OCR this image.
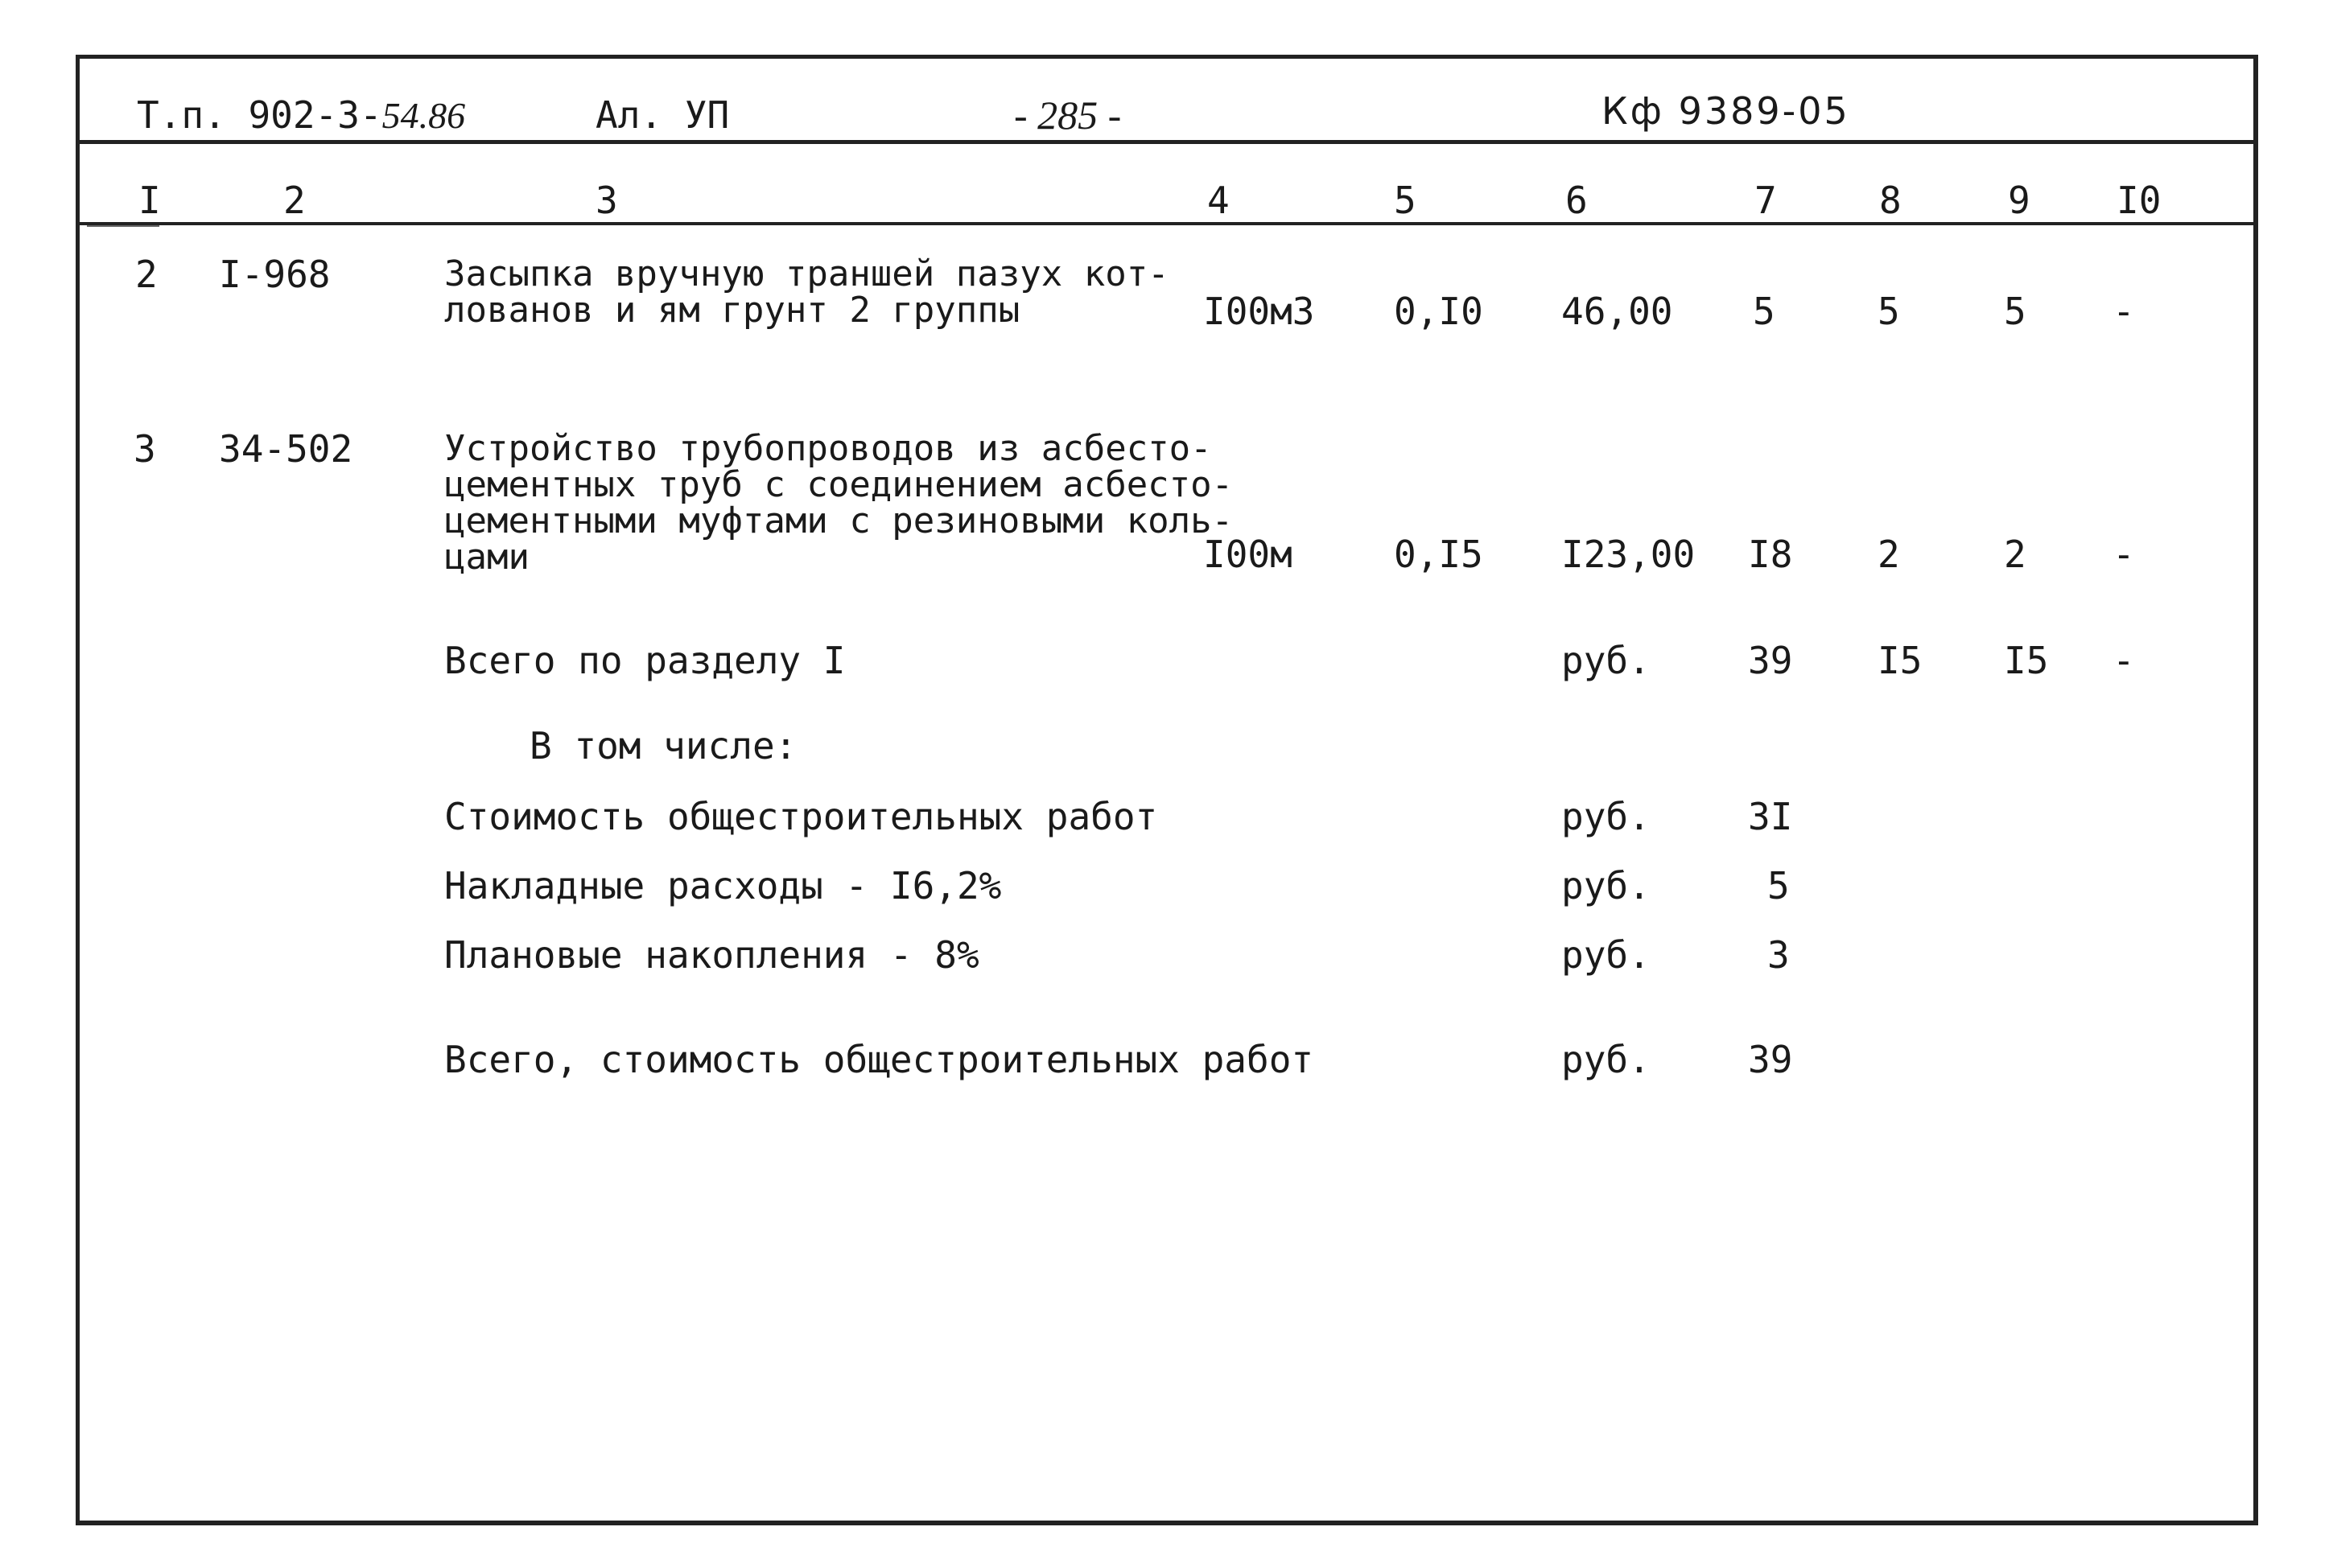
Т.п. 902-3-54.86	Ал. УП	- 285 -	Кф 9389-05
I	2	3	4	5	6	7	8	9 I0
2 I-968	Засыпка вручную траншей пазух кот-
лованов и ям грунт 2 группы	I00м3 0,I0 46,00 5	5	5 -
3 34-502	Устройство трубопроводов из асбесто-
цементных труб с соединением асбесто-
цементными муфтами с резиновыми коль-
цами	I00м	0,I5 I23,00 I8 2	2 -
Всего по разделу I	руб.	39 I5 I5 -
В том числе:
Стоимость общестроительных работ	руб.	3I
Накладные расходы - I6,2%	руб.	5
Плановые накопления - 8%	руб.	3
Всего, стоимость общестроительных работ	руб.	39
